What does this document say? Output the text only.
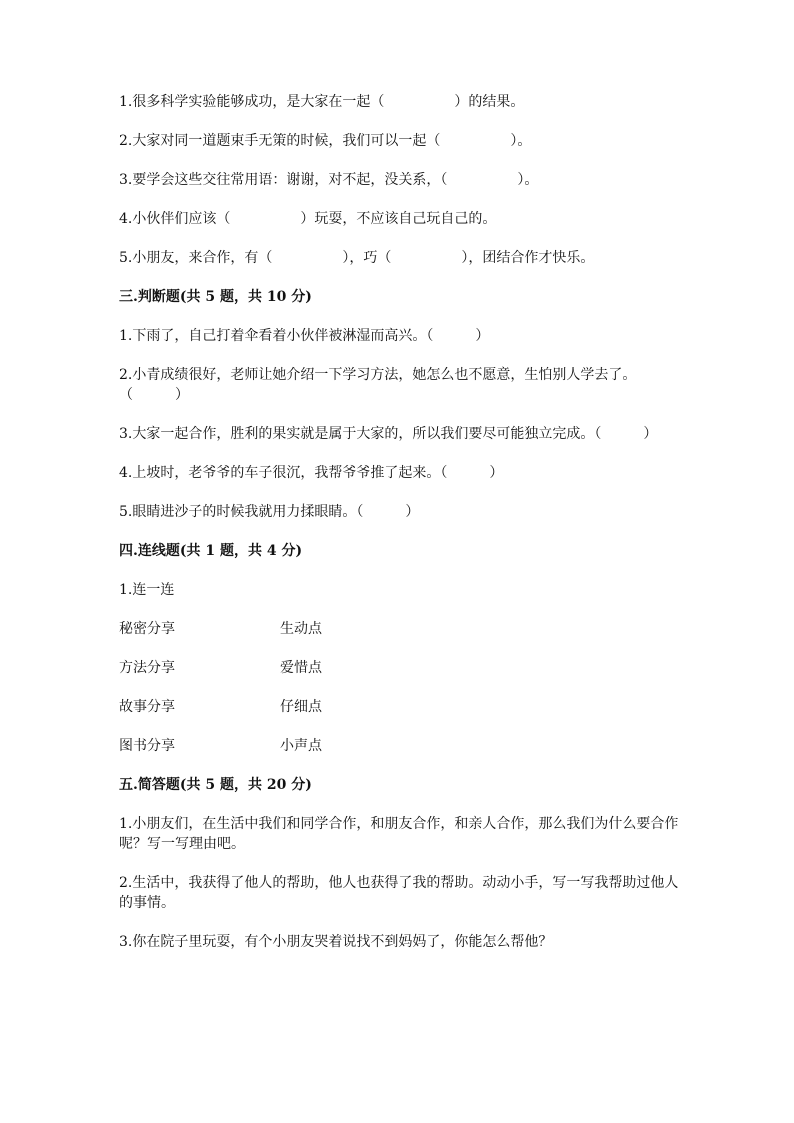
1.很多科学实验能够成功，是大家在一起（　　　　　）的结果。

2.大家对同一道题束手无策的时候，我们可以一起（　　　　　）。

3.要学会这些交往常用语：谢谢，对不起，没关系，（　　　　　）。

4.小伙伴们应该（　　　　　）玩耍，不应该自己玩自己的。

5.小朋友，来合作，有（　　　　　），巧（　　　　　），团结合作才快乐。

三.判断题(共 5 题，共 10 分)

1.下雨了，自己打着伞看着小伙伴被淋湿而高兴。（　　　）

2.小青成绩很好，老师让她介绍一下学习方法，她怎么也不愿意，生怕别人学去了。（　　　）

3.大家一起合作，胜利的果实就是属于大家的，所以我们要尽可能独立完成。（　　　）

4.上坡时，老爷爷的车子很沉，我帮爷爷推了起来。（　　　）

5.眼睛进沙子的时候我就用力揉眼睛。（　　　）

四.连线题(共 1 题，共 4 分)

1.连一连

秘密分享	生动点
方法分享	爱惜点
故事分享	仔细点
图书分享	小声点

五.简答题(共 5 题，共 20 分)

1.小朋友们，在生活中我们和同学合作，和朋友合作，和亲人合作，那么我们为什么要合作呢？写一写理由吧。

2.生活中，我获得了他人的帮助，他人也获得了我的帮助。动动小手，写一写我帮助过他人的事情。

3.你在院子里玩耍，有个小朋友哭着说找不到妈妈了，你能怎么帮他？
